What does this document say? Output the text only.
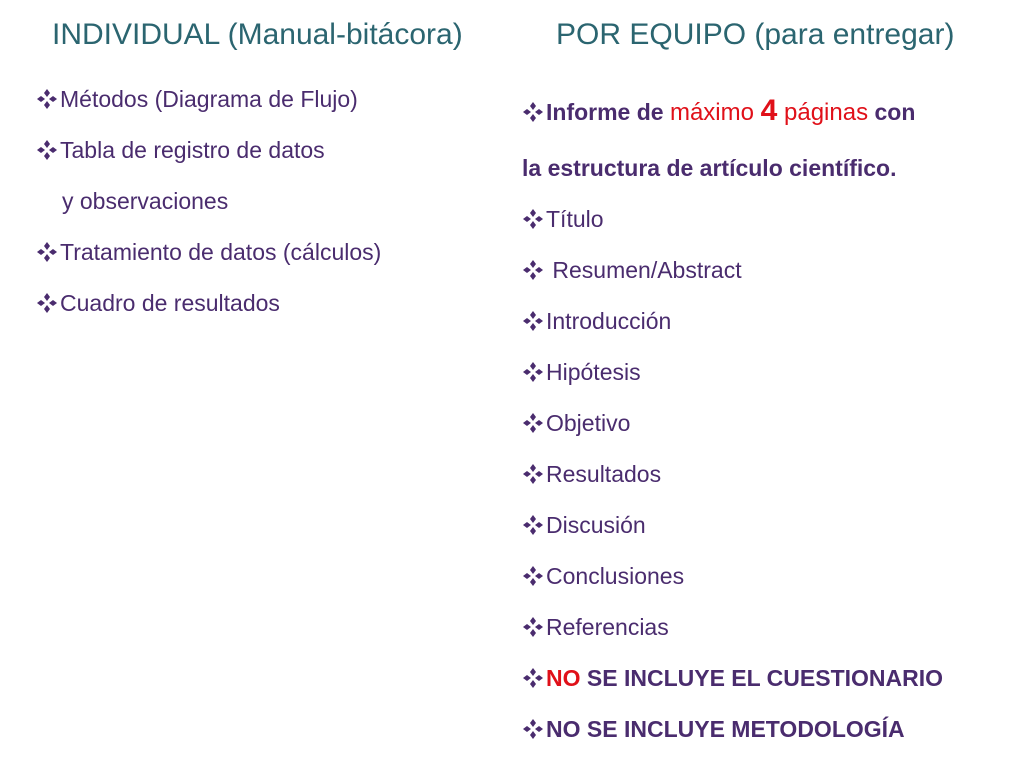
INDIVIDUAL (Manual-bitácora)	POR EQUIPO (para entregar)
Métodos (Diagrama de Flujo)
Tabla de registro de datos
y observaciones
Tratamiento de datos (cálculos)
Cuadro de resultados
Informe de máximo 4 páginas con
la estructura de artículo científico.
Título
Resumen/Abstract
Introducción
Hipótesis
Objetivo
Resultados
Discusión
Conclusiones
Referencias
NO SE INCLUYE EL CUESTIONARIO
NO SE INCLUYE METODOLOGÍA
